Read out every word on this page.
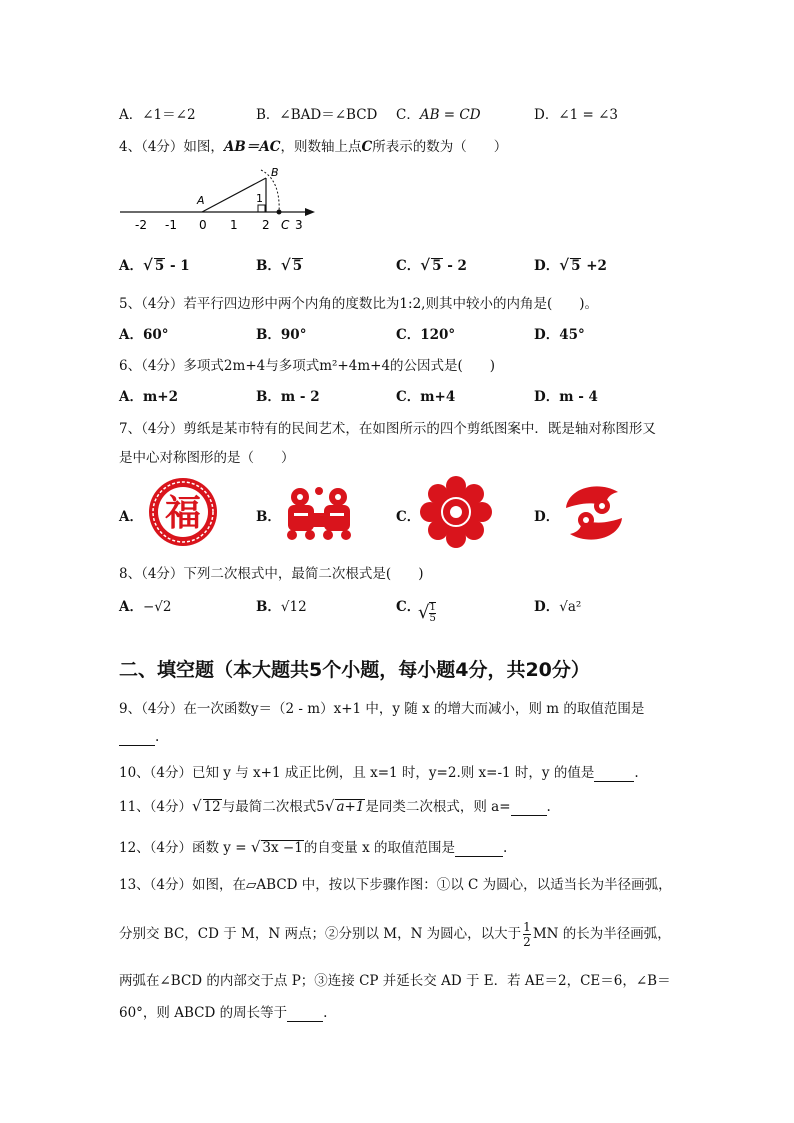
A．∠1＝∠2	B．∠BAD＝∠BCD C．AB = CD	D．∠1 = ∠3
4、（4分）如图，AB＝AC，则数轴上点C所表示的数为（　　）
B
A	1
C
-2 -1 0 1 2 3
A．√ 5 - 1	B．√ 5	C．√ 5 - 2	D．√ 5 +2
5、（4分）若平行四边形中两个内角的度数比为1:2,则其中较小的内角是(　　)。
A．60°	B．90°	C．120°	D．45°
6、（4分）多项式2m+4与多项式m²+4m+4的公因式是(　　)
A．m+2	B．m - 2	C．m+4	D．m - 4
7、（4分）剪纸是某市特有的民间艺术，在如图所示的四个剪纸图案中．既是轴对称图形又
是中心对称图形的是（　　）
A． 福	B．	C．	D．
8、（4分）下列二次根式中，最简二次根式是(　　)
A．−√2	B．√12	C．
√ $\frac{1}{5}$	D．√a²
二、填空题（本大题共5个小题，每小题4分，共20分）
9、（4分）在一次函数y＝（2 - m）x+1 中，y 随 x 的增大而减小，则 m 的取值范围是
.
10、（4分）已知 y 与 x+1 成正比例，且 x=1 时，y=2.则 x=-1 时，y 的值是	.
11、（4分）√ 12与最简二次根式5√ a+1是同类二次根式，则 a=	.
12、（4分）函数 y = √ 3x −1的自变量 x 的取值范围是	.
13、（4分）如图，在▱ABCD 中，按以下步骤作图：①以 C 为圆心，以适当长为半径画弧，
分别交 BC，CD 于 M，N 两点；②分别以 M，N 为圆心，以大于 $\frac{1}{2}$ MN 的长为半径画弧，
两弧在∠BCD 的内部交于点 P；③连接 CP 并延长交 AD 于 E．若 AE＝2，CE＝6，∠B＝
60°，则 ABCD 的周长等于	.
